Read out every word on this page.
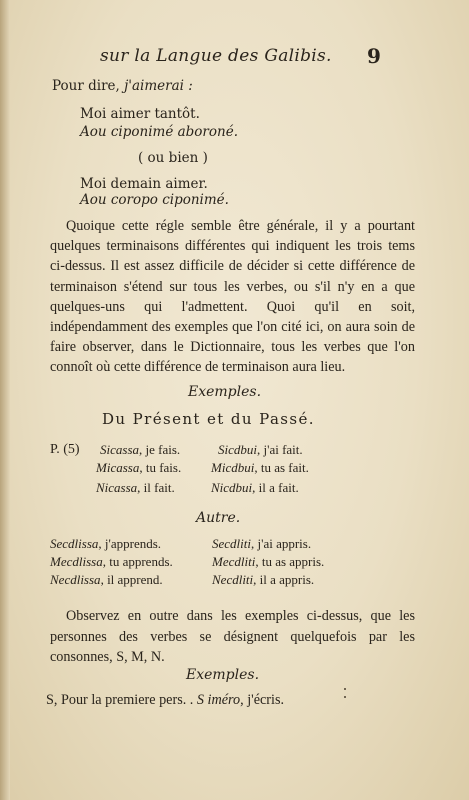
sur la Langue des Galibis. 9
Pour dire, j'aimerai :
Moi aimer tantôt.
Aou ciponimé aboroné.
( ou bien )
Moi demain aimer.
Aou coropo ciponimé.
Quoique cette régle semble être générale, il y a pourtant quelques terminaisons différentes qui indiquent les trois tems ci-dessus. Il est assez difficile de décider si cette différence de terminaison s'étend sur tous les verbes, ou s'il n'y en a que quelques-uns qui l'admettent. Quoi qu'il en soit, indépendamment des exemples que l'on cité ici, on aura soin de faire observer, dans le Dictionnaire, tous les verbes que l'on connoît où cette différence de terminaison aura lieu.
Exemples.
Du Présent et du Passé.
P. (5) Sicassa, je fais.	Sicdbui, j'ai fait.
Micassa, tu fais. Micdbui, tu as fait.
Nicassa, il fait.	Nicdbui, il a fait.
Autre.
Secdlissa, j'apprends.	Secdliti, j'ai appris.
Mecdlissa, tu apprends.	Mecdliti, tu as appris.
Necdlissa, il apprend.	Necdliti, il a appris.
Observez en outre dans les exemples ci-dessus, que les personnes des verbes se désignent quelquefois par les consonnes, S, M, N.
Exemples.
S, Pour la premiere pers. . S iméro, j'écris.
